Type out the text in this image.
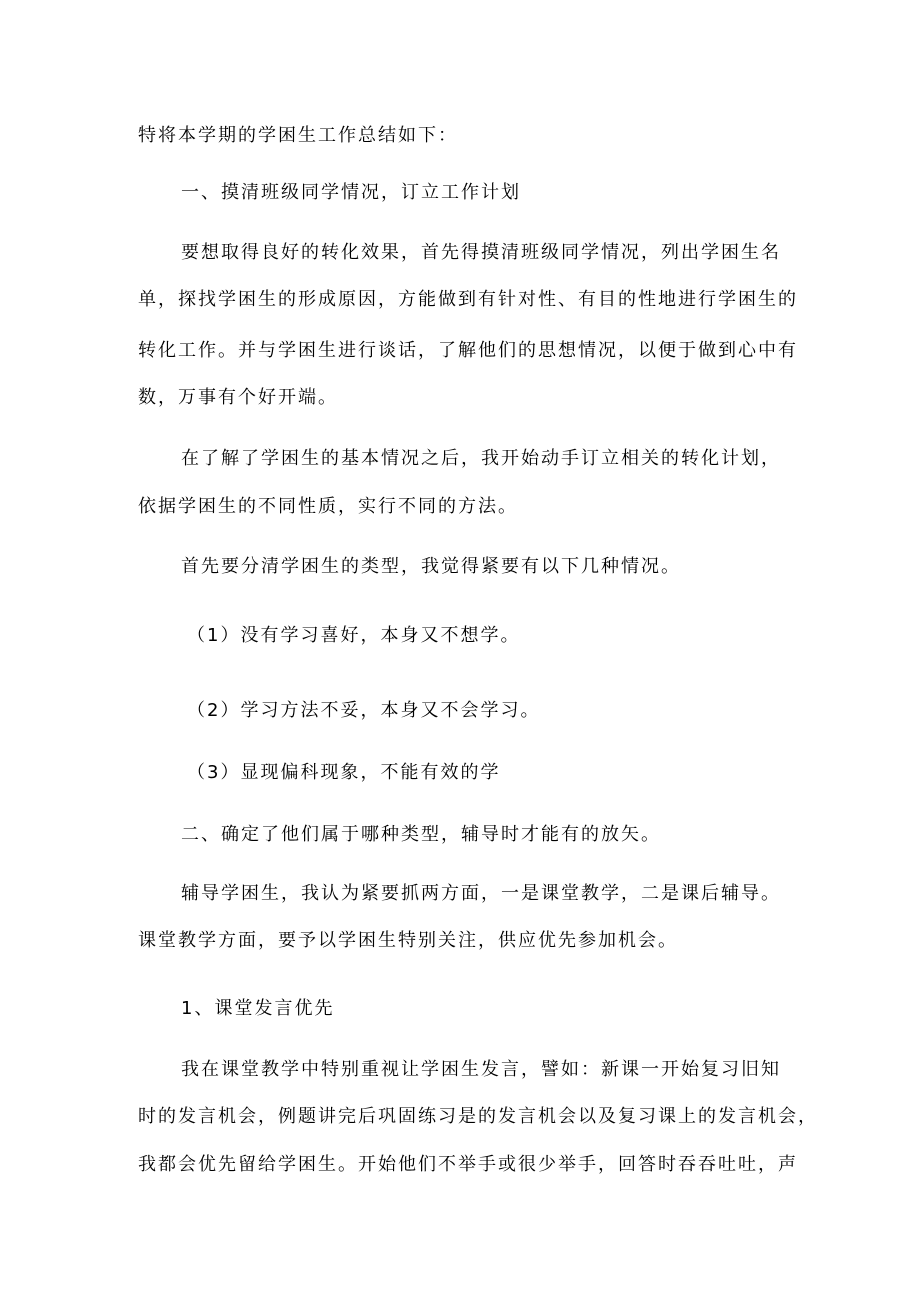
特将本学期的学困生工作总结如下：
一、摸清班级同学情况，订立工作计划
要想取得良好的转化效果，首先得摸清班级同学情况，列出学困生名
单，探找学困生的形成原因，方能做到有针对性、有目的性地进行学困生的
转化工作。并与学困生进行谈话，了解他们的思想情况，以便于做到心中有
数，万事有个好开端。
在了解了学困生的基本情况之后，我开始动手订立相关的转化计划，
依据学困生的不同性质，实行不同的方法。
首先要分清学困生的类型，我觉得紧要有以下几种情况。
（1）没有学习喜好，本身又不想学。
（2）学习方法不妥，本身又不会学习。
（3）显现偏科现象，不能有效的学
二、确定了他们属于哪种类型，辅导时才能有的放矢。
辅导学困生，我认为紧要抓两方面，一是课堂教学，二是课后辅导。
课堂教学方面，要予以学困生特别关注，供应优先参加机会。
1、课堂发言优先
我在课堂教学中特别重视让学困生发言，譬如：新课一开始复习旧知
时的发言机会，例题讲完后巩固练习是的发言机会以及复习课上的发言机会，
我都会优先留给学困生。开始他们不举手或很少举手，回答时吞吞吐吐，声
